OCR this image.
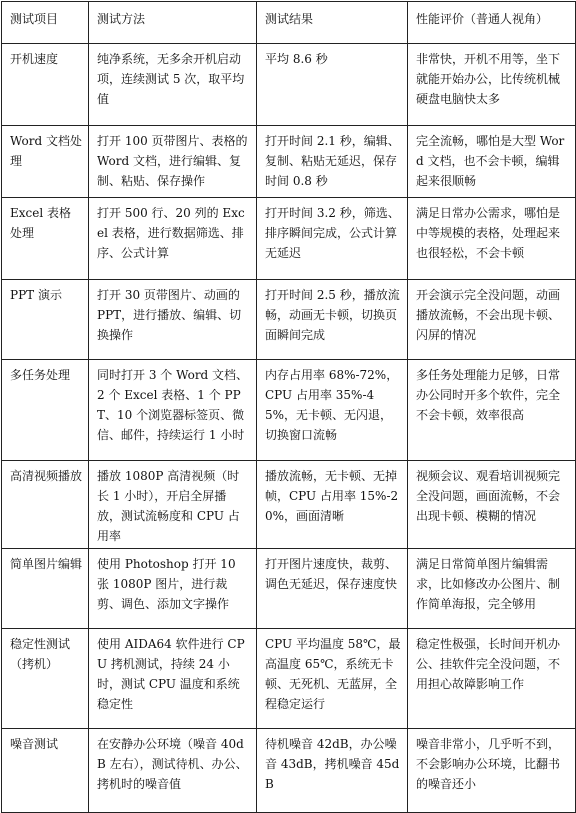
测试项目	测试方法	测试结果	性能评价（普通人视角）
开机速度	纯净系统，无多余开机启动项，连续测试 5 次，取平均值	平均 8.6 秒	非常快，开机不用等，坐下就能开始办公，比传统机械硬盘电脑快太多
Word 文档处理	打开 100 页带图片、表格的 Word 文档，进行编辑、复制、粘贴、保存操作	打开时间 2.1 秒，编辑、复制、粘贴无延迟，保存时间 0.8 秒	完全流畅，哪怕是大型 Word 文档，也不会卡顿，编辑起来很顺畅
Excel 表格处理	打开 500 行、20 列的 Excel 表格，进行数据筛选、排序、公式计算	打开时间 3.2 秒，筛选、排序瞬间完成，公式计算无延迟	满足日常办公需求，哪怕是中等规模的表格，处理起来也很轻松，不会卡顿
PPT 演示	打开 30 页带图片、动画的 PPT，进行播放、编辑、切换操作	打开时间 2.5 秒，播放流畅，动画无卡顿，切换页面瞬间完成	开会演示完全没问题，动画播放流畅，不会出现卡顿、闪屏的情况
多任务处理	同时打开 3 个 Word 文档、2 个 Excel 表格、1 个 PPT、10 个浏览器标签页、微信、邮件，持续运行 1 小时	内存占用率 68%-72%，CPU 占用率 35%-45%，无卡顿、无闪退，切换窗口流畅	多任务处理能力足够，日常办公同时开多个软件，完全不会卡顿，效率很高
高清视频播放	播放 1080P 高清视频（时长 1 小时），开启全屏播放，测试流畅度和 CPU 占用率	播放流畅，无卡顿、无掉帧，CPU 占用率 15%-20%，画面清晰	视频会议、观看培训视频完全没问题，画面流畅，不会出现卡顿、模糊的情况
简单图片编辑	使用 Photoshop 打开 10 张 1080P 图片，进行裁剪、调色、添加文字操作	打开图片速度快，裁剪、调色无延迟，保存速度快	满足日常简单图片编辑需求，比如修改办公图片、制作简单海报，完全够用
稳定性测试（拷机）	使用 AIDA64 软件进行 CPU 拷机测试，持续 24 小时，测试 CPU 温度和系统稳定性	CPU 平均温度 58℃，最高温度 65℃，系统无卡顿、无死机、无蓝屏，全程稳定运行	稳定性极强，长时间开机办公、挂软件完全没问题，不用担心故障影响工作
噪音测试	在安静办公环境（噪音 40dB 左右），测试待机、办公、拷机时的噪音值	待机噪音 42dB，办公噪音 43dB，拷机噪音 45dB	噪音非常小，几乎听不到，不会影响办公环境，比翻书的噪音还小
